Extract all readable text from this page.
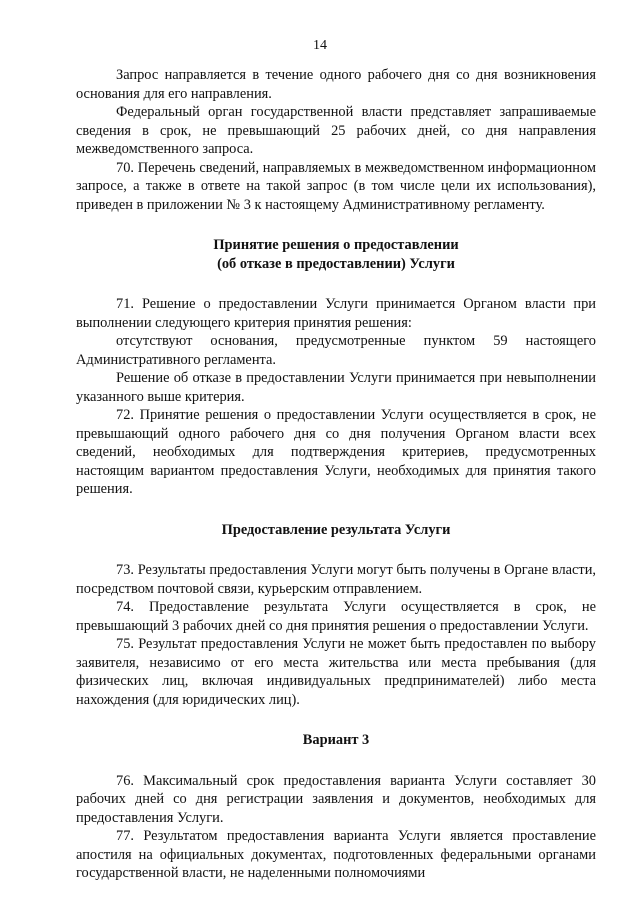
14

Запрос направляется в течение одного рабочего дня со дня возникновения основания для его направления.

Федеральный орган государственной власти представляет запрашиваемые сведения в срок, не превышающий 25 рабочих дней, со дня направления межведомственного запроса.

70. Перечень сведений, направляемых в межведомственном информационном запросе, а также в ответе на такой запрос (в том числе цели их использования), приведен в приложении № 3 к настоящему Административному регламенту.

Принятие решения о предоставлении
(об отказе в предоставлении) Услуги

71. Решение о предоставлении Услуги принимается Органом власти при выполнении следующего критерия принятия решения:

отсутствуют основания, предусмотренные пунктом 59 настоящего Административного регламента.

Решение об отказе в предоставлении Услуги принимается при невыполнении указанного выше критерия.

72. Принятие решения о предоставлении Услуги осуществляется в срок, не превышающий одного рабочего дня со дня получения Органом власти всех сведений, необходимых для подтверждения критериев, предусмотренных настоящим вариантом предоставления Услуги, необходимых для принятия такого решения.

Предоставление результата Услуги

73. Результаты предоставления Услуги могут быть получены в Органе власти, посредством почтовой связи, курьерским отправлением.

74. Предоставление результата Услуги осуществляется в срок, не превышающий 3 рабочих дней со дня принятия решения о предоставлении Услуги.

75. Результат предоставления Услуги не может быть предоставлен по выбору заявителя, независимо от его места жительства или места пребывания (для физических лиц, включая индивидуальных предпринимателей) либо места нахождения (для юридических лиц).

Вариант 3

76. Максимальный срок предоставления варианта Услуги составляет 30 рабочих дней со дня регистрации заявления и документов, необходимых для предоставления Услуги.

77. Результатом предоставления варианта Услуги является проставление апостиля на официальных документах, подготовленных федеральными органами государственной власти, не наделенными полномочиями
